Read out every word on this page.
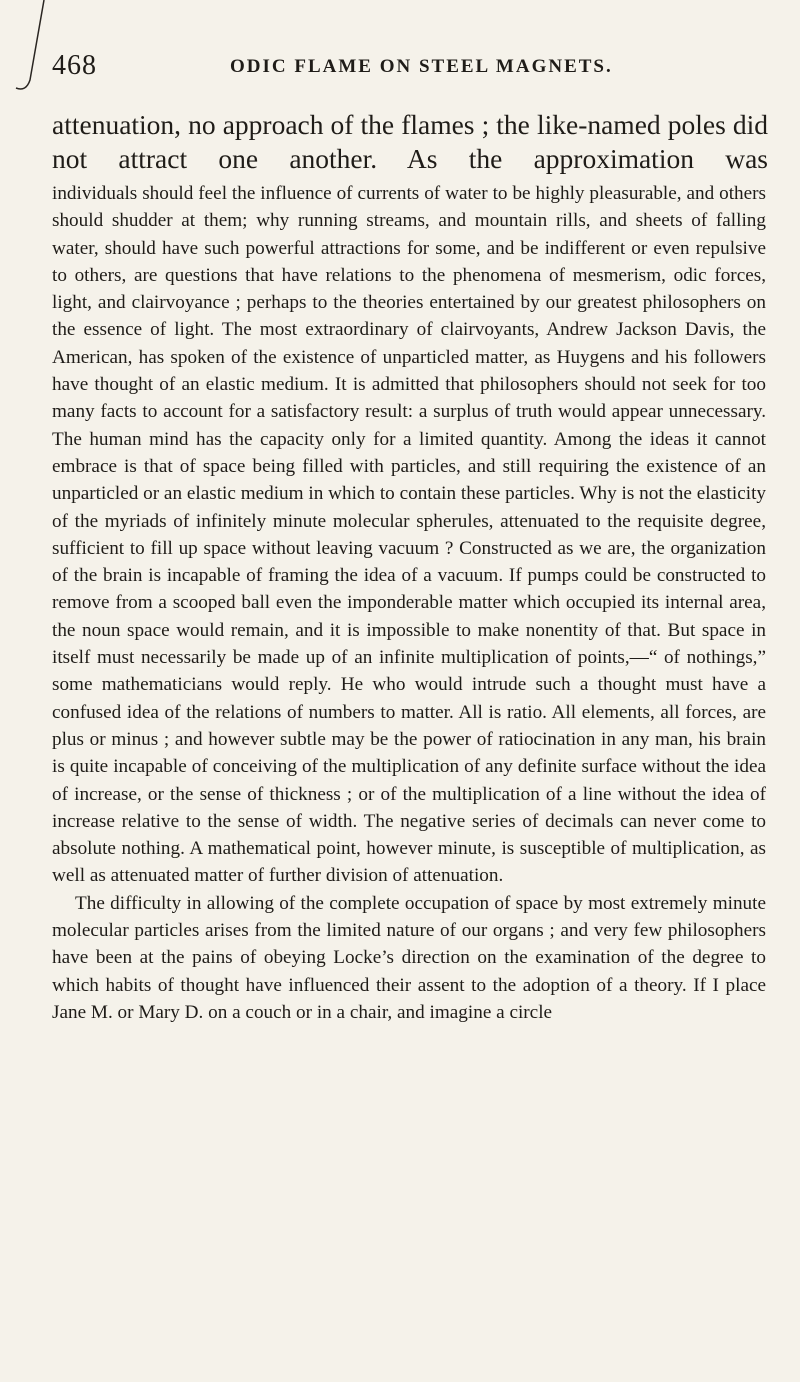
468	ODIC FLAME ON STEEL MAGNETS.

attenuation, no approach of the flames ; the like-named poles did not attract one another. As the approximation was

individuals should feel the influence of currents of water to be highly pleasurable, and others should shudder at them; why running streams, and mountain rills, and sheets of falling water, should have such powerful attractions for some, and be indifferent or even repulsive to others, are questions that have relations to the phenomena of mesmerism, odic forces, light, and clairvoyance ; perhaps to the theories entertained by our greatest philosophers on the essence of light. The most extraordinary of clairvoyants, Andrew Jackson Davis, the American, has spoken of the existence of unparticled matter, as Huygens and his followers have thought of an elastic medium. It is admitted that philosophers should not seek for too many facts to account for a satisfactory result: a surplus of truth would appear unnecessary. The human mind has the capacity only for a limited quantity. Among the ideas it cannot embrace is that of space being filled with particles, and still requiring the existence of an unparticled or an elastic medium in which to contain these particles. Why is not the elasticity of the myriads of infinitely minute molecular spherules, attenuated to the requisite degree, sufficient to fill up space without leaving vacuum ? Constructed as we are, the organization of the brain is incapable of framing the idea of a vacuum. If pumps could be constructed to remove from a scooped ball even the imponderable matter which occupied its internal area, the noun space would remain, and it is impossible to make nonentity of that. But space in itself must necessarily be made up of an infinite multiplication of points,—“ of nothings,” some mathematicians would reply. He who would intrude such a thought must have a confused idea of the relations of numbers to matter. All is ratio. All elements, all forces, are plus or minus ; and however subtle may be the power of ratiocination in any man, his brain is quite incapable of conceiving of the multiplication of any definite surface without the idea of increase, or the sense of thickness ; or of the multiplication of a line without the idea of increase relative to the sense of width. The negative series of decimals can never come to absolute nothing. A mathematical point, however minute, is susceptible of multiplication, as well as attenuated matter of further division of attenuation.

The difficulty in allowing of the complete occupation of space by most extremely minute molecular particles arises from the limited nature of our organs ; and very few philosophers have been at the pains of obeying Locke’s direction on the examination of the degree to which habits of thought have influenced their assent to the adoption of a theory. If I place Jane M. or Mary D. on a couch or in a chair, and imagine a circle
